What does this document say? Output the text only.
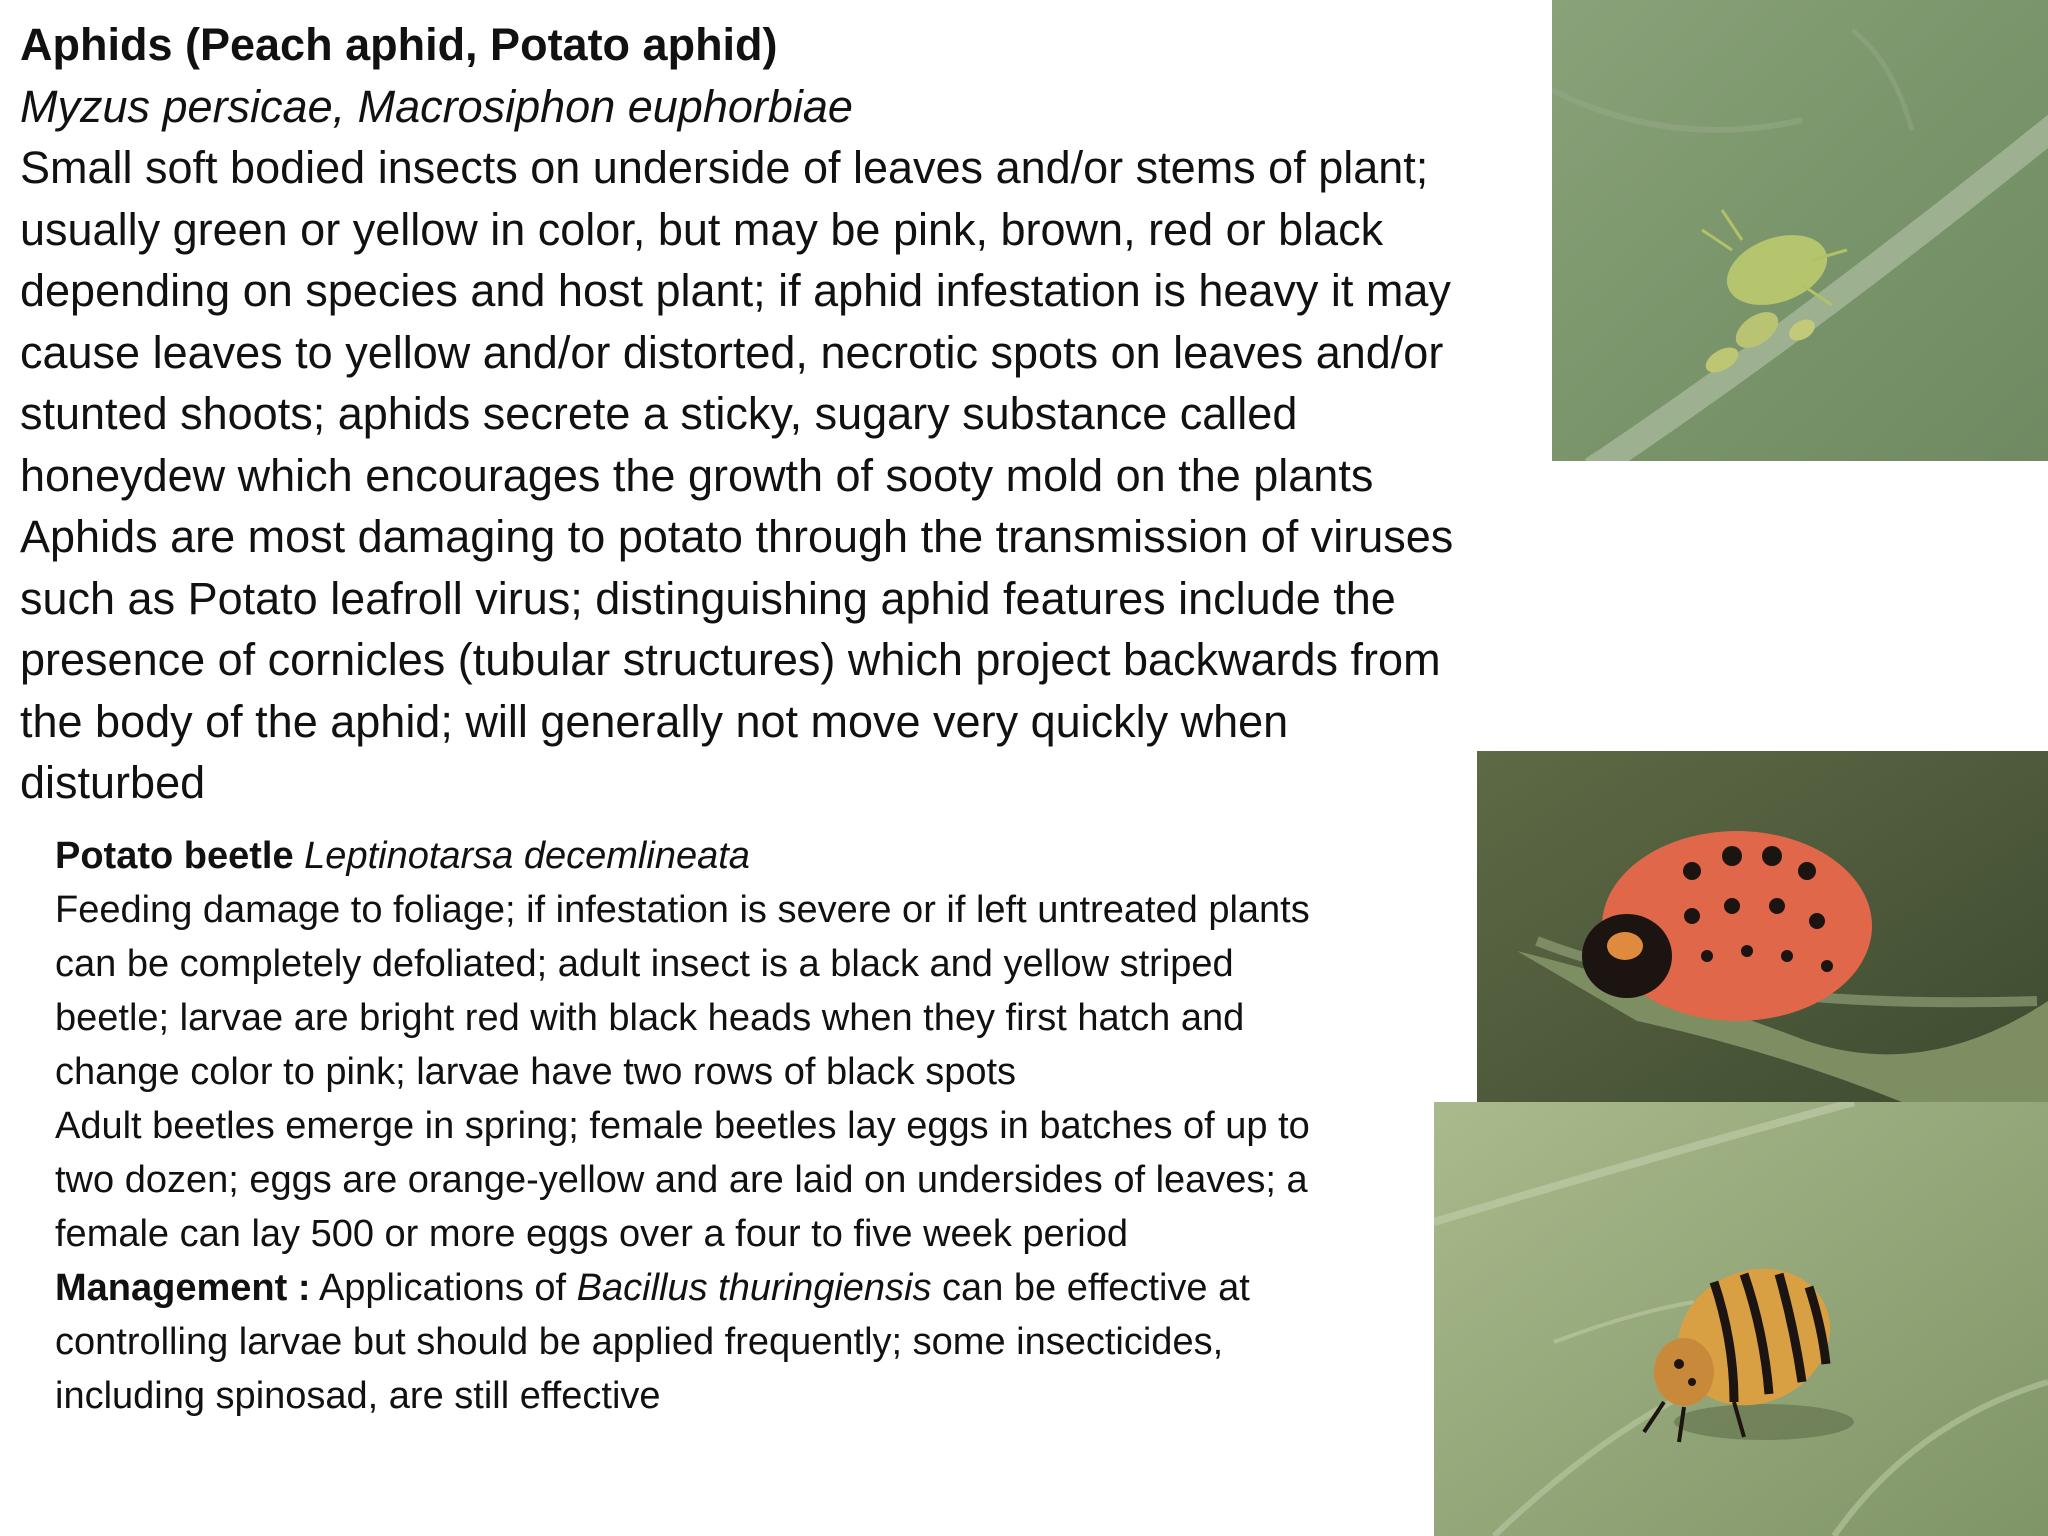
Aphids (Peach aphid, Potato aphid)
Myzus persicae, Macrosiphon euphorbiae
Small soft bodied insects on underside of leaves and/or stems of plant;
usually green or yellow in color, but may be pink, brown, red or black
depending on species and host plant; if aphid infestation is heavy it may
cause leaves to yellow and/or distorted, necrotic spots on leaves and/or
stunted shoots; aphids secrete a sticky, sugary substance called
honeydew which encourages the growth of sooty mold on the plants
Aphids are most damaging to potato through the transmission of viruses
such as Potato leafroll virus; distinguishing aphid features include the
presence of cornicles (tubular structures) which project backwards from
the body of the aphid; will generally not move very quickly when
disturbed
Potato beetle Leptinotarsa decemlineata
Feeding damage to foliage; if infestation is severe or if left untreated plants
can be completely defoliated; adult insect is a black and yellow striped
beetle; larvae are bright red with black heads when they first hatch and
change color to pink; larvae have two rows of black spots
Adult beetles emerge in spring; female beetles lay eggs in batches of up to
two dozen; eggs are orange-yellow and are laid on undersides of leaves; a
female can lay 500 or more eggs over a four to five week period
Management : Applications of Bacillus thuringiensis can be effective at
controlling larvae but should be applied frequently; some insecticides,
including spinosad, are still effective
